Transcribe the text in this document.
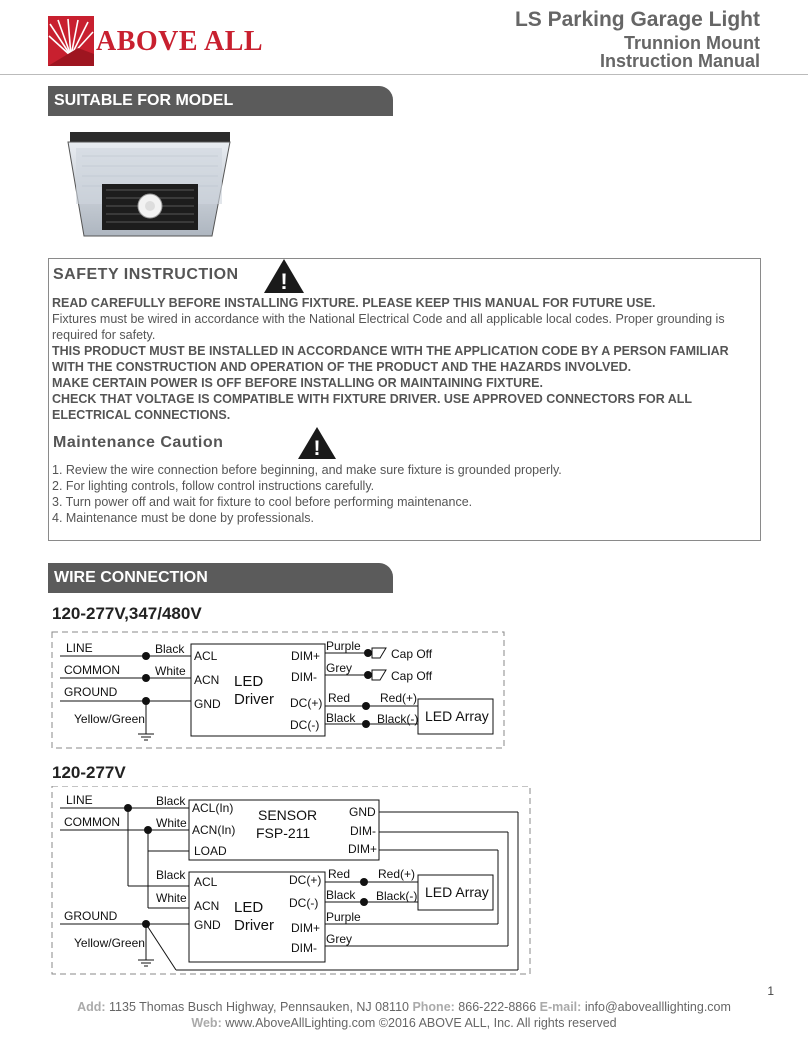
ABOVE ALL
LS Parking Garage Light
Trunnion Mount
Instruction Manual
SUITABLE FOR MODEL
SAFETY INSTRUCTION !
READ CAREFULLY BEFORE INSTALLING FIXTURE. PLEASE KEEP THIS MANUAL FOR FUTURE USE.
Fixtures must be wired in accordance with the National Electrical Code and all applicable local codes. Proper grounding is required for safety.
THIS PRODUCT MUST BE INSTALLED IN ACCORDANCE WITH THE APPLICATION CODE BY A PERSON FAMILIAR WITH THE CONSTRUCTION AND OPERATION OF THE PRODUCT AND THE HAZARDS INVOLVED.
MAKE CERTAIN POWER IS OFF BEFORE INSTALLING OR MAINTAINING FIXTURE.
CHECK THAT VOLTAGE IS COMPATIBLE WITH FIXTURE DRIVER. USE APPROVED CONNECTORS FOR ALL ELECTRICAL CONNECTIONS.
Maintenance Caution	!
1. Review the wire connection before beginning, and make sure fixture is grounded properly.
2. For lighting controls, follow control instructions carefully.
3. Turn power off and wait for fixture to cool before performing maintenance.
4. Maintenance must be done by professionals.
WIRE CONNECTION
120-277V,347/480V
LINE
COMMON
GROUND
Yellow/Green
Black
White
ACL
ACN
GND
LED
Driver
DIM+
DIM-
DC(+)
DC(-)
Purple
Grey
Red
Black
Cap Off
Cap Off
Red(+)
Black(-) LED Array
120-277V
LINE
COMMON
GROUND
Yellow/Green
Black
White
ACL(In)
ACN(In)
LOAD
SENSOR
FSP-211
GND
DIM-
DIM+
Black
White
ACL
ACN
GND
LED
Driver
DC(+)
DC(-)
DIM+
DIM-
Red
Black
Purple
Grey
Red(+)
Black(-) LED Array
1
Add: 1135 Thomas Busch Highway, Pennsauken, NJ 08110 Phone: 866-222-8866 E-mail: info@abovealllighting.com
Web: www.AboveAllLighting.com ©2016 ABOVE ALL, Inc. All rights reserved
